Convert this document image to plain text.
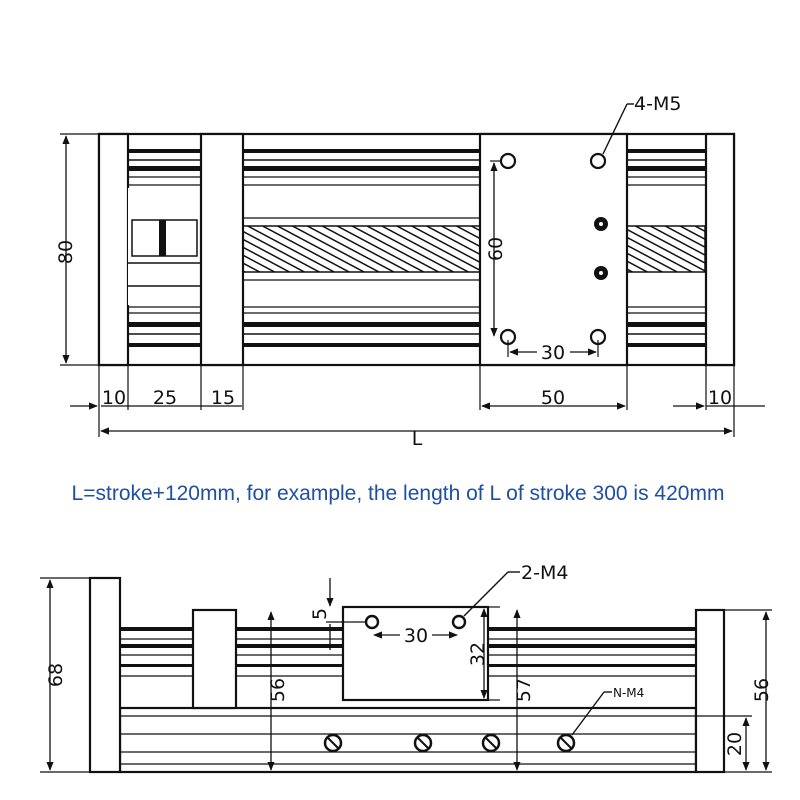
4-M5
60
30
80
10 25 15	50	10
L
L=stroke+120mm, for example, the length of L of stroke 300 is 420mm
2-M4
5
30
32
57
56	N-M4
68
56
20
